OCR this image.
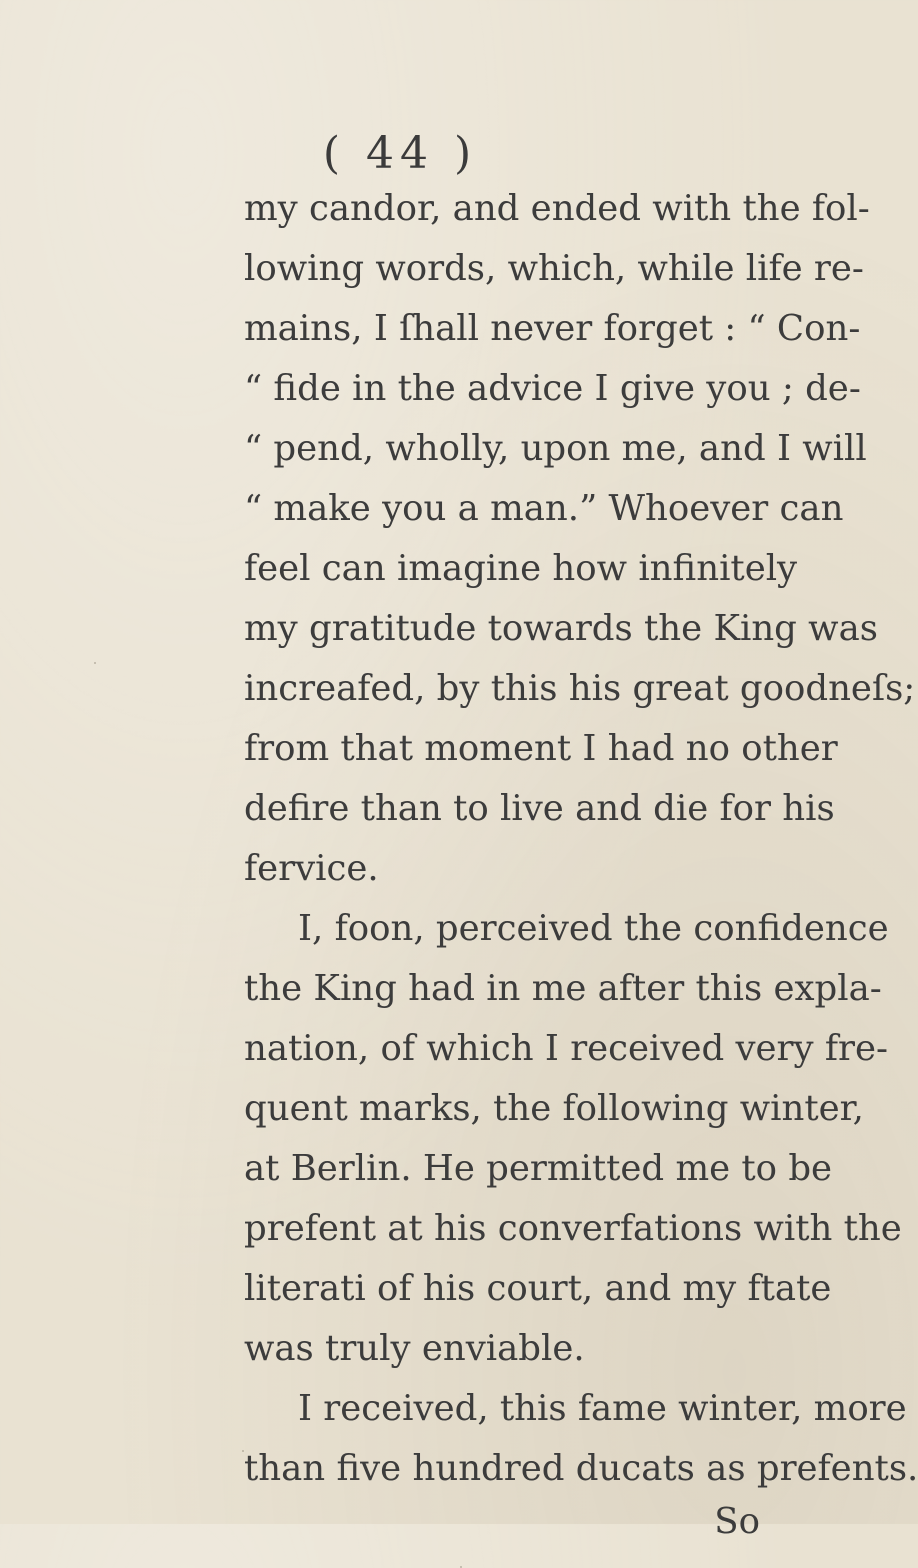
( 44 )
my candor, and ended with the fol-
lowing words, which, while life re-
mains, I ſhall never forget : “ Con-
“ fide in the advice I give you ; de-
“ pend, wholly, upon me, and I will
“ make you a man.” Whoever can
feel can imagine how infinitely
my gratitude towards the King was
increafed, by this his great goodneſs;
from that moment I had no other
defire than to live and die for his
fervice.
I, foon, perceived the confidence
the King had in me after this expla-
nation, of which I received very fre-
quent marks, the following winter,
at Berlin. He permitted me to be
prefent at his converfations with the
literati of his court, and my ftate
was truly enviable.
I received, this fame winter, more
than five hundred ducats as prefents.
So
